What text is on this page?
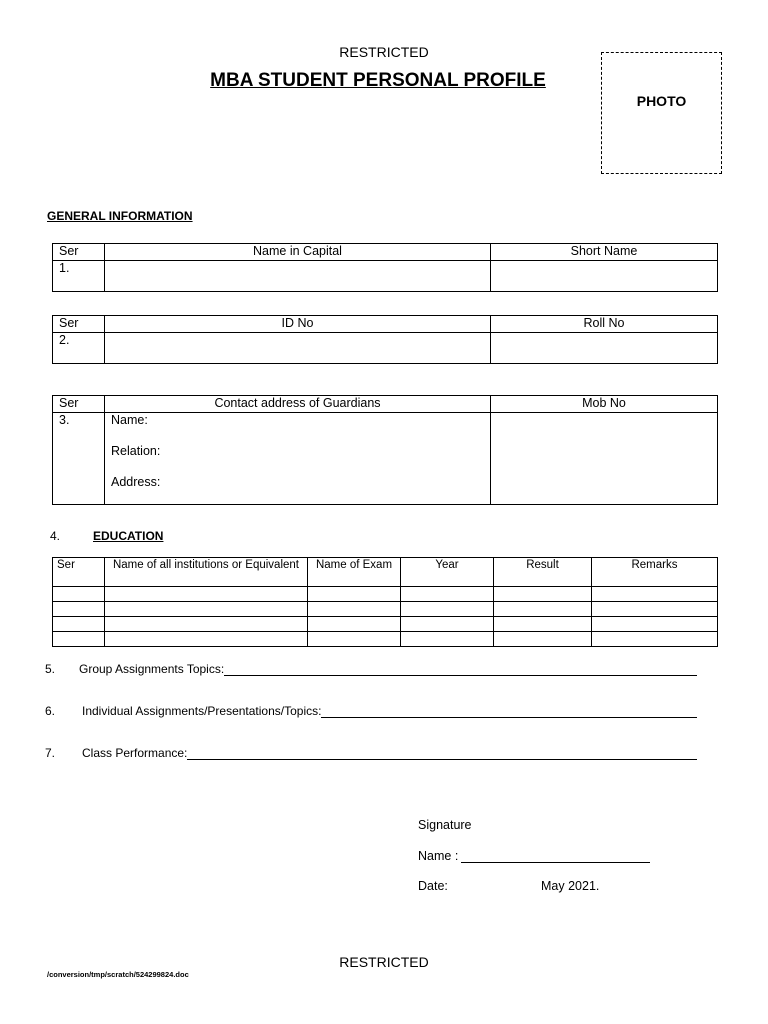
RESTRICTED
MBA STUDENT PERSONAL PROFILE
PHOTO
GENERAL INFORMATION
Ser	Name in Capital	Short Name
1.		
Ser	ID No	Roll No
2.		
Ser	Contact address of Guardians	Mob No
3.	Name:
Relation:
Address:	

4.	EDUCATION
Ser	Name of all institutions or Equivalent	Name of Exam	Year	Result	Remarks

5. Group Assignments Topics:
6. Individual Assignments/Presentations/Topics:
7. Class Performance:
Signature
Name :
Date:	May 2021.
RESTRICTED
/conversion/tmp/scratch/524299824.doc
